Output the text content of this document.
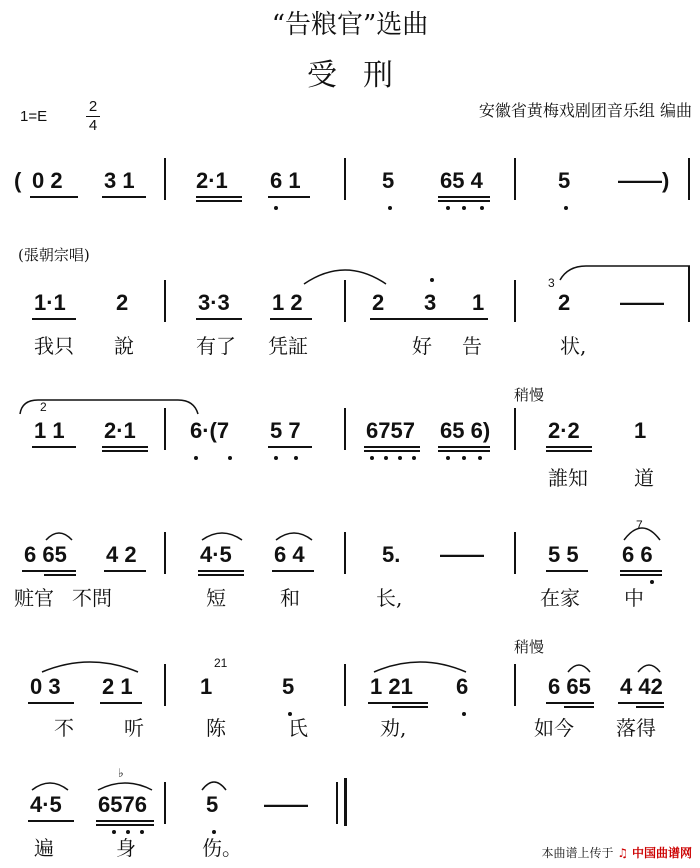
“告粮官”选曲
受刑
1=E
2
4
安徽省黄梅戏剧团音乐组 编曲
( 0 2 3 1	2·1 6 1	5 65 4	5 ——)
(張朝宗唱)
1·1 2	3·3 1 2	2 3 1	2 ——
3
我只 說	有了 凭証	好 告	状,
稍慢
2
1 1 2·1 6·(7 5 7	6757 65 6)	2·2 1
誰知 道
6 65 4 2	4·5 6 4	5. ——	5 5 6 6
7
赃官 不問	短	和	长,	在家 中
稍慢
21
0 3 2 1	1	5	1 21 6	6 65 4 42
不	听	陈	氏	劝,	如今 落得
4·5 6576	5 ——
♭
遍	身	伤。	本曲谱上传于 ♫ 中国曲谱网
